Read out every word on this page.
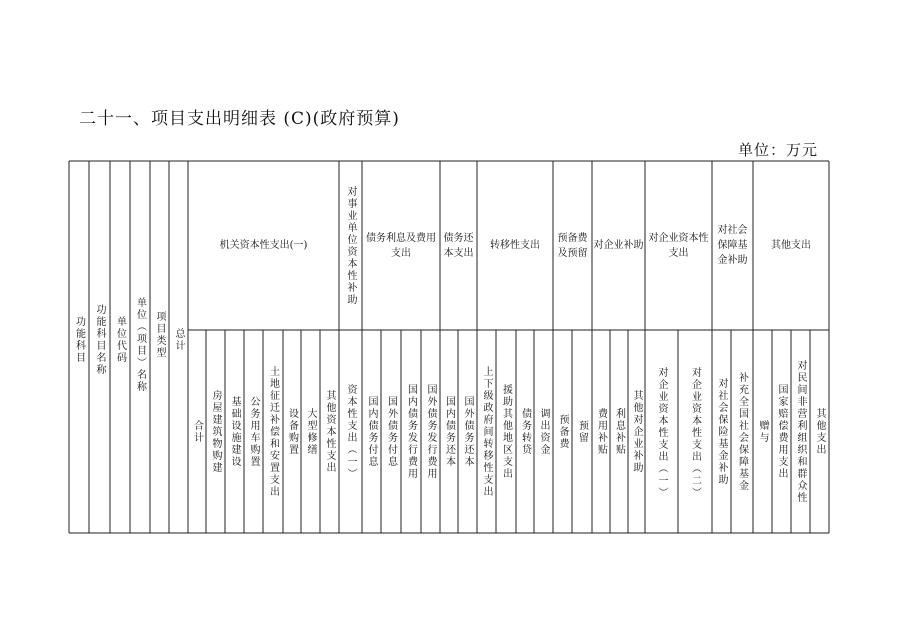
二十一、项目支出明细表 (C)(政府预算)
单位：万元
功能科目 功能科目名称 单位代码 单位（项目）名称 项目类型 总计
机关资本性支出(一)	对事业单位资本性补助 债务利息及费用支出
债务还本支出
转移性支出
预备费及预留
对企业补助
对企业资本性支出
对社会保障基金补助
其他支出
合计 房屋建筑物购建 基础设施建设 公务用车购置 土地征迁补偿和安置支出 设备购置 大型修缮 其他资本性支出 资本性支出（一） 国内债务付息 国外债务付息 国内债务发行费用 国外债务发行费用 国内债务还本 国外债务还本 上下级政府间转移性支出 援助其他地区支出 债务转贷 调出资金 预备费 预留 费用补贴 利息补贴 其他对企业补助 对企业资本性支出（一） 对企业资本性支出（二） 对社会保险基金补助 补充全国社会保障基金 赠与 国家赔偿费用支出 对民间非营利组织和群众性 其他支出
